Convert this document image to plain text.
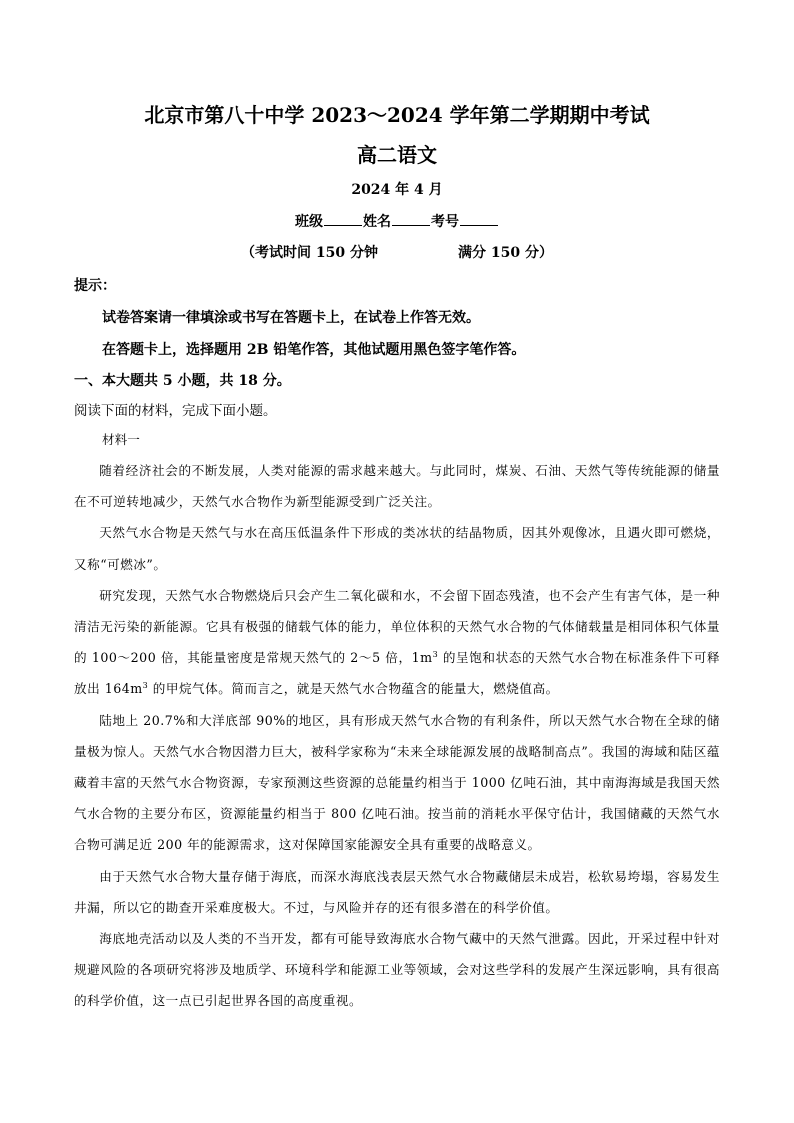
北京市第八十中学 2023～2024 学年第二学期期中考试
高二语文
2024 年 4 月
班级	姓名	考号
（考试时间 150 分钟	满分 150 分）
提示：
试卷答案请一律填涂或书写在答题卡上，在试卷上作答无效。
在答题卡上，选择题用 2B 铅笔作答，其他试题用黑色签字笔作答。
一、本大题共 5 小题，共 18 分。
阅读下面的材料，完成下面小题。
材料一

随着经济社会的不断发展，人类对能源的需求越来越大。与此同时，煤炭、石油、天然气等传统能源的储量在不可逆转地减少，天然气水合物作为新型能源受到广泛关注。

天然气水合物是天然气与水在高压低温条件下形成的类冰状的结晶物质，因其外观像冰，且遇火即可燃烧，又称“可燃冰”。

研究发现，天然气水合物燃烧后只会产生二氧化碳和水，不会留下固态残渣，也不会产生有害气体，是一种清洁无污染的新能源。它具有极强的储载气体的能力，单位体积的天然气水合物的气体储载量是相同体积气体量的 100～200 倍，其能量密度是常规天然气的 2～5 倍，$1m^3$ 的呈饱和状态的天然气水合物在标准条件下可释放出 $164m^3$ 的甲烷气体。简而言之，就是天然气水合物蕴含的能量大，燃烧值高。

陆地上 20.7%和大洋底部 90%的地区，具有形成天然气水合物的有利条件，所以天然气水合物在全球的储量极为惊人。天然气水合物因潜力巨大，被科学家称为“未来全球能源发展的战略制高点”。我国的海域和陆区蕴藏着丰富的天然气水合物资源，专家预测这些资源的总能量约相当于 1000 亿吨石油，其中南海海域是我国天然气水合物的主要分布区，资源能量约相当于 800 亿吨石油。按当前的消耗水平保守估计，我国储藏的天然气水合物可满足近 200 年的能源需求，这对保障国家能源安全具有重要的战略意义。

由于天然气水合物大量存储于海底，而深水海底浅表层天然气水合物藏储层未成岩，松软易垮塌，容易发生井漏，所以它的勘查开采难度极大。不过，与风险并存的还有很多潜在的科学价值。

海底地壳活动以及人类的不当开发，都有可能导致海底水合物气藏中的天然气泄露。因此，开采过程中针对规避风险的各项研究将涉及地质学、环境科学和能源工业等领域，会对这些学科的发展产生深远影响，具有很高的科学价值，这一点已引起世界各国的高度重视。
